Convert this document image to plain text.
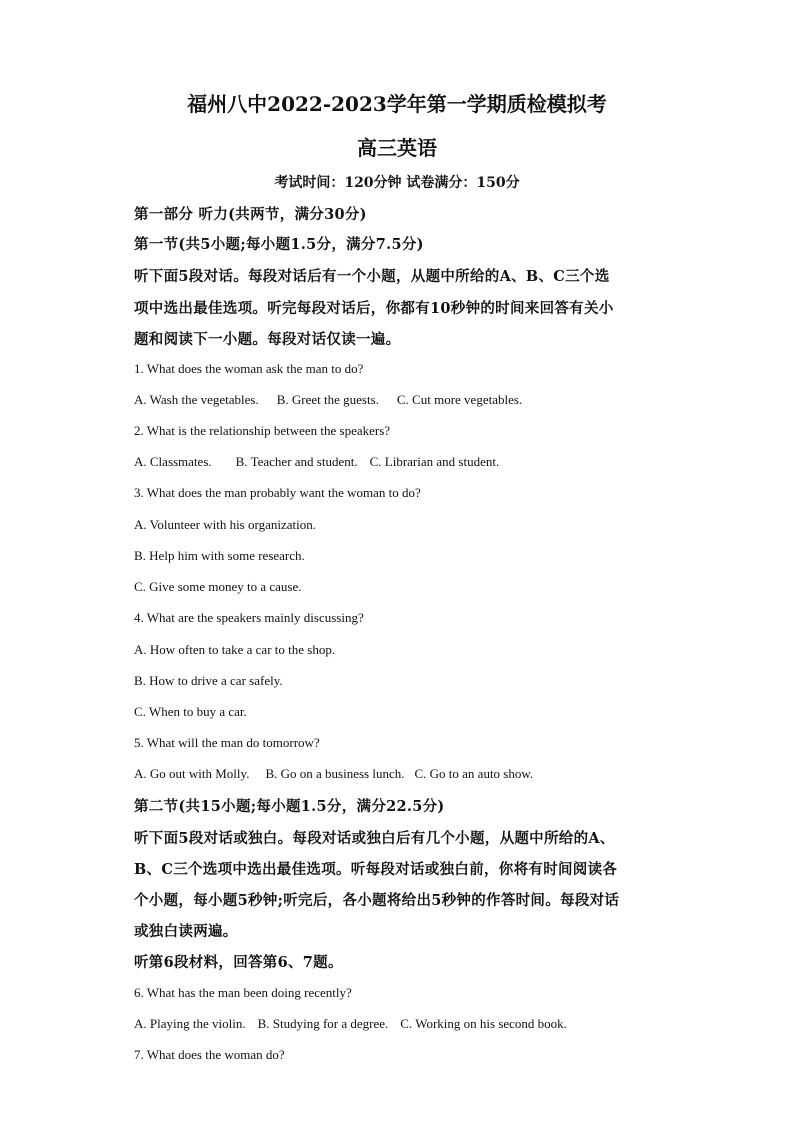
福州八中2022-2023学年第一学期质检模拟考
高三英语
考试时间：120分钟 试卷满分：150分
第一部分 听力(共两节，满分30分)
第一节(共5小题;每小题1.5分，满分7.5分)
听下面5段对话。每段对话后有一个小题，从题中所给的A、B、C三个选
项中选出最佳选项。听完每段对话后，你都有10秒钟的时间来回答有关小
题和阅读下一小题。每段对话仅读一遍。
1. What does the woman ask the man to do?
A. Wash the vegetables. B. Greet the guests. C. Cut more vegetables.
2. What is the relationship between the speakers?
A. Classmates. B. Teacher and student. C. Librarian and student.
3. What does the man probably want the woman to do?
A. Volunteer with his organization.
B. Help him with some research.
C. Give some money to a cause.
4. What are the speakers mainly discussing?
A. How often to take a car to the shop.
B. How to drive a car safely.
C. When to buy a car.
5. What will the man do tomorrow?
A. Go out with Molly. B. Go on a business lunch. C. Go to an auto show.
第二节(共15小题;每小题1.5分，满分22.5分)
听下面5段对话或独白。每段对话或独白后有几个小题，从题中所给的A、
B、C三个选项中选出最佳选项。听每段对话或独白前，你将有时间阅读各
个小题，每小题5秒钟;听完后，各小题将给出5秒钟的作答时间。每段对话
或独白读两遍。
听第6段材料，回答第6、7题。
6. What has the man been doing recently?
A. Playing the violin. B. Studying for a degree. C. Working on his second book.
7. What does the woman do?
